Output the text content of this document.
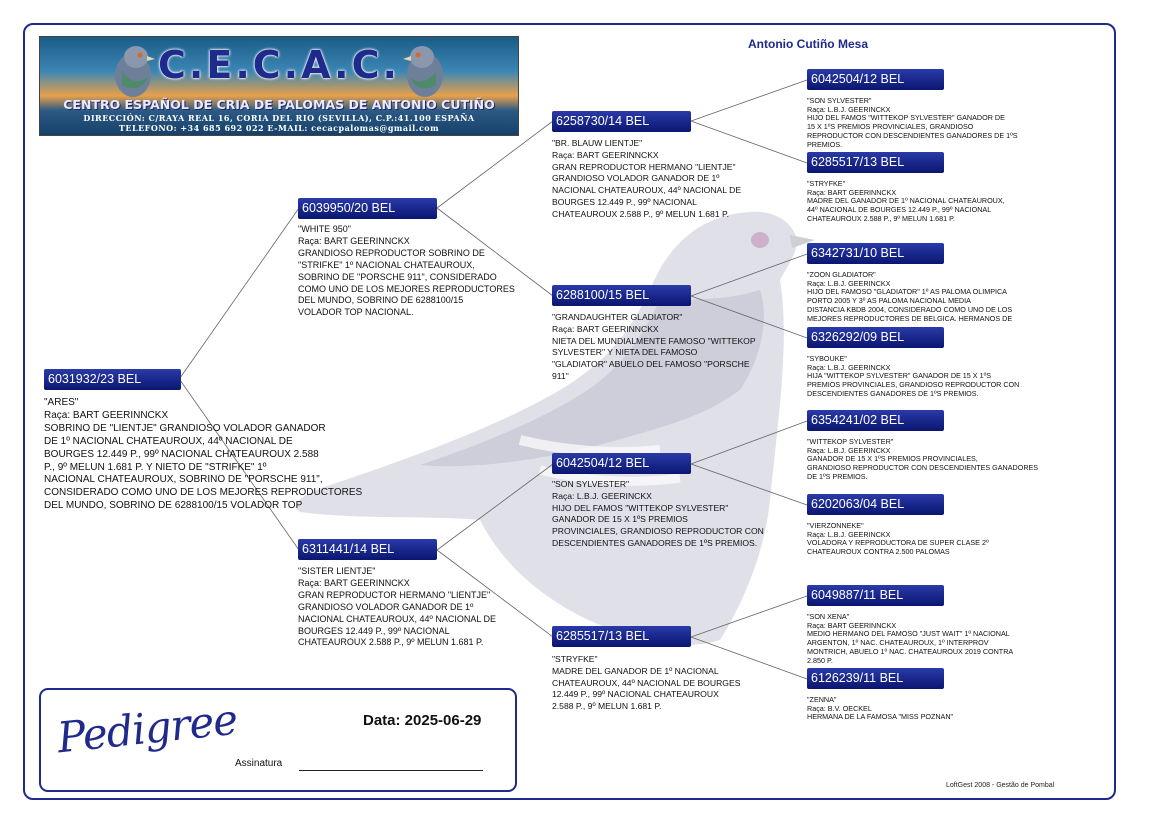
C.E.C.A.C.
CENTRO ESPAÑOL DE CRIA DE PALOMAS DE ANTONIO CUTIÑO
DIRECCIÓN: C/RAYA REAL 16, CORIA DEL RIO (SEVILLA), C.P.:41.100 ESPAÑA
TELEFONO: +34 685 692 022 E-MAIL: cecacpalomas@gmail.com
Antonio Cutiño Mesa
6031932/23 BEL
"ARES"
Raça: BART GEERINNCKX
SOBRINO DE "LIENTJE" GRANDIOSO VOLADOR GANADOR
DE 1º NACIONAL CHATEAUROUX, 44º NACIONAL DE
BOURGES 12.449 P., 99º NACIONAL CHATEAUROUX 2.588
P., 9º MELUN 1.681 P. Y NIETO DE "STRIFKE" 1º
NACIONAL CHATEAUROUX, SOBRINO DE "PORSCHE 911",
CONSIDERADO COMO UNO DE LOS MEJORES REPRODUCTORES
DEL MUNDO, SOBRINO DE 6288100/15 VOLADOR TOP
6039950/20 BEL
"WHITE 950"
Raça: BART GEERINNCKX
GRANDIOSO REPRODUCTOR SOBRINO DE
"STRIFKE" 1º NACIONAL CHATEAUROUX,
SOBRINO DE "PORSCHE 911", CONSIDERADO
COMO UNO DE LOS MEJORES REPRODUCTORES
DEL MUNDO, SOBRINO DE 6288100/15
VOLADOR TOP NACIONAL.
6311441/14 BEL
"SISTER LIENTJE"
Raça: BART GEERINNCKX
GRAN REPRODUCTOR HERMANO "LIENTJE"
GRANDIOSO VOLADOR GANADOR DE 1º
NACIONAL CHATEAUROUX, 44º NACIONAL DE
BOURGES 12.449 P., 99º NACIONAL
CHATEAUROUX 2.588 P., 9º MELUN 1.681 P.
6258730/14 BEL
"BR. BLAUW LIENTJE"
Raça: BART GEERINNCKX
GRAN REPRODUCTOR HERMANO "LIENTJE"
GRANDIOSO VOLADOR GANADOR DE 1º
NACIONAL CHATEAUROUX, 44º NACIONAL DE
BOURGES 12.449 P., 99º NACIONAL
CHATEAUROUX 2.588 P., 9º MELUN 1.681 P.
6288100/15 BEL
"GRANDAUGHTER GLADIATOR"
Raça: BART GEERINNCKX
NIETA DEL MUNDIALMENTE FAMOSO "WITTEKOP
SYLVESTER" Y NIETA DEL FAMOSO
"GLADIATOR" ABUELO DEL FAMOSO "PORSCHE
911"
6042504/12 BEL
"SON SYLVESTER"
Raça: L.B.J. GEERINCKX
HIJO DEL FAMOS "WITTEKOP SYLVESTER"
GANADOR DE 15 X 1ºS PREMIOS
PROVINCIALES, GRANDIOSO REPRODUCTOR CON
DESCENDIENTES GANADORES DE 1ºS PREMIOS.
6285517/13 BEL
"STRYFKE"
MADRE DEL GANADOR DE 1º NACIONAL
CHATEAUROUX, 44º NACIONAL DE BOURGES
12.449 P., 99º NACIONAL CHATEAUROUX
2.588 P., 9º MELUN 1.681 P.
6042504/12 BEL
"SON SYLVESTER"
Raça: L.B.J. GEERINCKX
HIJO DEL FAMOS "WITTEKOP SYLVESTER" GANADOR DE
15 X 1ºS PREMIOS PROVINCIALES, GRANDIOSO
REPRODUCTOR CON DESCENDIENTES GANADORES DE 1ºS
PREMIOS.
6285517/13 BEL
"STRYFKE"
Raça: BART GEERINNCKX
MADRE DEL GANADOR DE 1º NACIONAL CHATEAUROUX,
44º NACIONAL DE BOURGES 12.449 P., 99º NACIONAL
CHATEAUROUX 2.588 P., 9º MELUN 1.681 P.
6342731/10 BEL
"ZOON GLADIATOR"
Raça: L.B.J. GEERINCKX
HIJO DEL FAMOSO "GLADIATOR" 1º AS PALOMA OLIMPICA
PORTO 2005 Y 3º AS PALOMA NACIONAL MEDIA
DISTANCIA KBDB 2004, CONSIDERADO COMO UNO DE LOS
MEJORES REPRODUCTORES DE BELGICA. HERMANOS DE
6326292/09 BEL
"SYBOUKE"
Raça: L.B.J. GEERINCKX
HIJA "WITTEKOP SYLVESTER" GANADOR DE 15 X 1ºS
PREMIOS PROVINCIALES, GRANDIOSO REPRODUCTOR CON
DESCENDIENTES GANADORES DE 1ºS PREMIOS.
6354241/02 BEL
"WITTEKOP SYLVESTER"
Raça: L.B.J. GEERINCKX
GANADOR DE 15 X 1ºS PREMIOS PROVINCIALES,
GRANDIOSO REPRODUCTOR CON DESCENDIENTES GANADORES
DE 1ºS PREMIOS.
6202063/04 BEL
"VIERZONNEKE"
Raça: L.B.J. GEERINCKX
VOLADORA Y REPRODUCTORA DE SUPER CLASE 2º
CHATEAUROUX CONTRA 2.500 PALOMAS
6049887/11 BEL
"SON XENA"
Raça: BART GEERINNCKX
MEDIO HERMANO DEL FAMOSO "JUST WAIT" 1º NACIONAL
ARGENTON, 1º NAC. CHATEAUROUX, 1º INTERPROV
MONTRICH, ABUELO 1º NAC. CHATEAUROUX 2019 CONTRA
2.850 P.
6126239/11 BEL
"ZENNA"
Raça: B.V. OECKEL
HERMANA DE LA FAMOSA "MISS POZNAN"
Pedigree	Data: 2025-06-29
Assinatura
LoftGest 2008 - Gestão de Pombal
